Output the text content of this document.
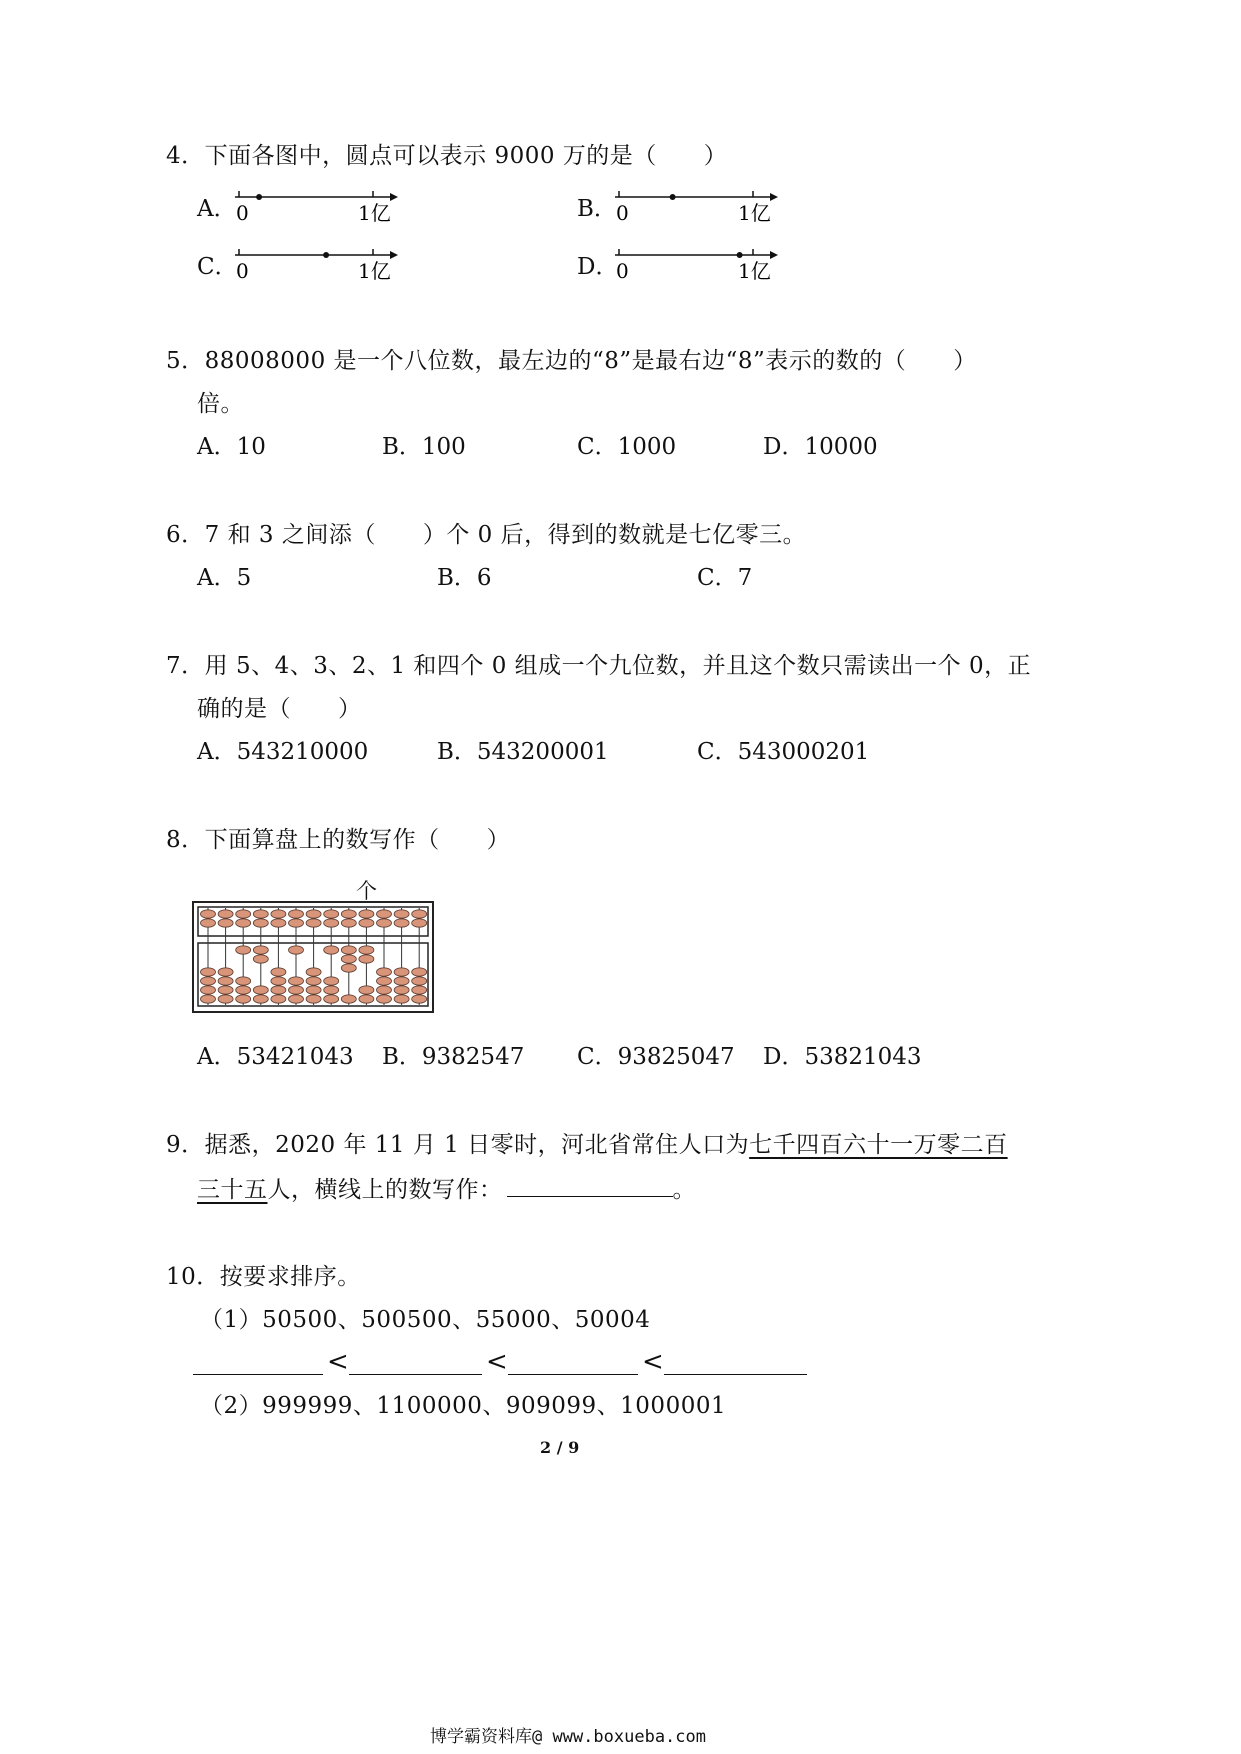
4．下面各图中，圆点可以表示 9000 万的是（　　）
A．	B．
C．	D．
0	1亿	0	1亿
0	1亿	0	1亿
5．88008000 是一个八位数，最左边的“8”是最右边“8”表示的数的（　　）
倍。
A．10	B．100	C．1000	D．10000
6．7 和 3 之间添（　　）个 0 后，得到的数就是七亿零三。
A．5	B．6	C．7
7．用 5、4、3、2、1 和四个 0 组成一个九位数，并且这个数只需读出一个 0，正
确的是（　　）
A．543210000	B．543200001	C．543000201
8．下面算盘上的数写作（　　）
个
A．53421043 B．9382547 C．93825047 D．53821043
9．据悉，2020 年 11 月 1 日零时，河北省常住人口为七千四百六十一万零二百
三十五人，横线上的数写作：	。
10．按要求排序。
（1）50500、500500、55000、50004
<	<	<
（2）999999、1100000、909099、1000001
2 / 9
博学霸资料库@ www.boxueba.com
